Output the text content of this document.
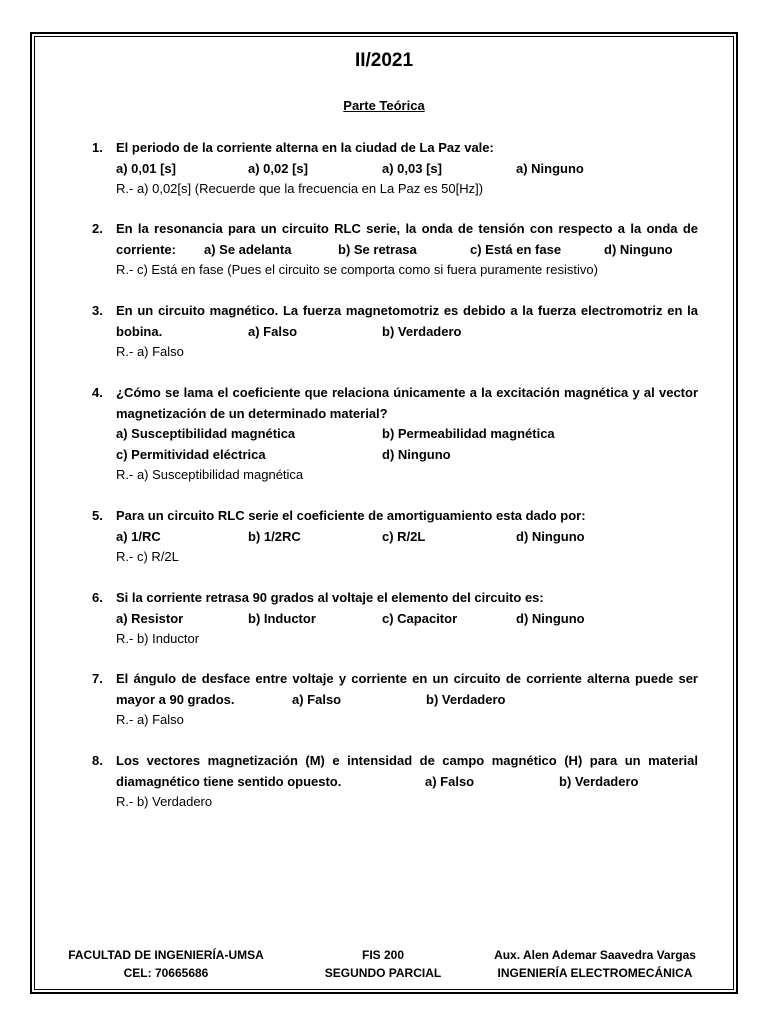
II/2021
Parte Teórica
1. El periodo de la corriente alterna en la ciudad de La Paz vale:
a) 0,01 [s]	a) 0,02 [s]	a) 0,03 [s]	a) Ninguno
R.- a) 0,02[s] (Recuerde que la frecuencia en La Paz es 50[Hz])
2. En la resonancia para un circuito RLC serie, la onda de tensión con respecto a la onda de
corriente: a) Se adelanta	b) Se retrasa	c) Está en fase	d) Ninguno
R.- c) Está en fase (Pues el circuito se comporta como si fuera puramente resistivo)
3. En un circuito magnético. La fuerza magnetomotriz es debido a la fuerza electromotriz en la
bobina.	a) Falso	b) Verdadero
R.- a) Falso
4. ¿Cómo se lama el coeficiente que relaciona únicamente a la excitación magnética y al vector
magnetización de un determinado material?
a) Susceptibilidad magnética	b) Permeabilidad magnética
c) Permitividad eléctrica	d) Ninguno
R.- a) Susceptibilidad magnética
5. Para un circuito RLC serie el coeficiente de amortiguamiento esta dado por:
a) 1/RC	b) 1/2RC	c) R/2L	d) Ninguno
R.- c) R/2L
6. Si la corriente retrasa 90 grados al voltaje el elemento del circuito es:
a) Resistor	b) Inductor	c) Capacitor	d) Ninguno
R.- b) Inductor
7. El ángulo de desface entre voltaje y corriente en un circuito de corriente alterna puede ser
mayor a 90 grados.	a) Falso	b) Verdadero
R.- a) Falso
8. Los vectores magnetización (M) e intensidad de campo magnético (H) para un material
diamagnético tiene sentido opuesto.	a) Falso	b) Verdadero
R.- b) Verdadero
FACULTAD DE INGENIERÍA-UMSA
CEL: 70665686
FIS 200
SEGUNDO PARCIAL
Aux. Alen Ademar Saavedra Vargas
INGENIERÍA ELECTROMECÁNICA
